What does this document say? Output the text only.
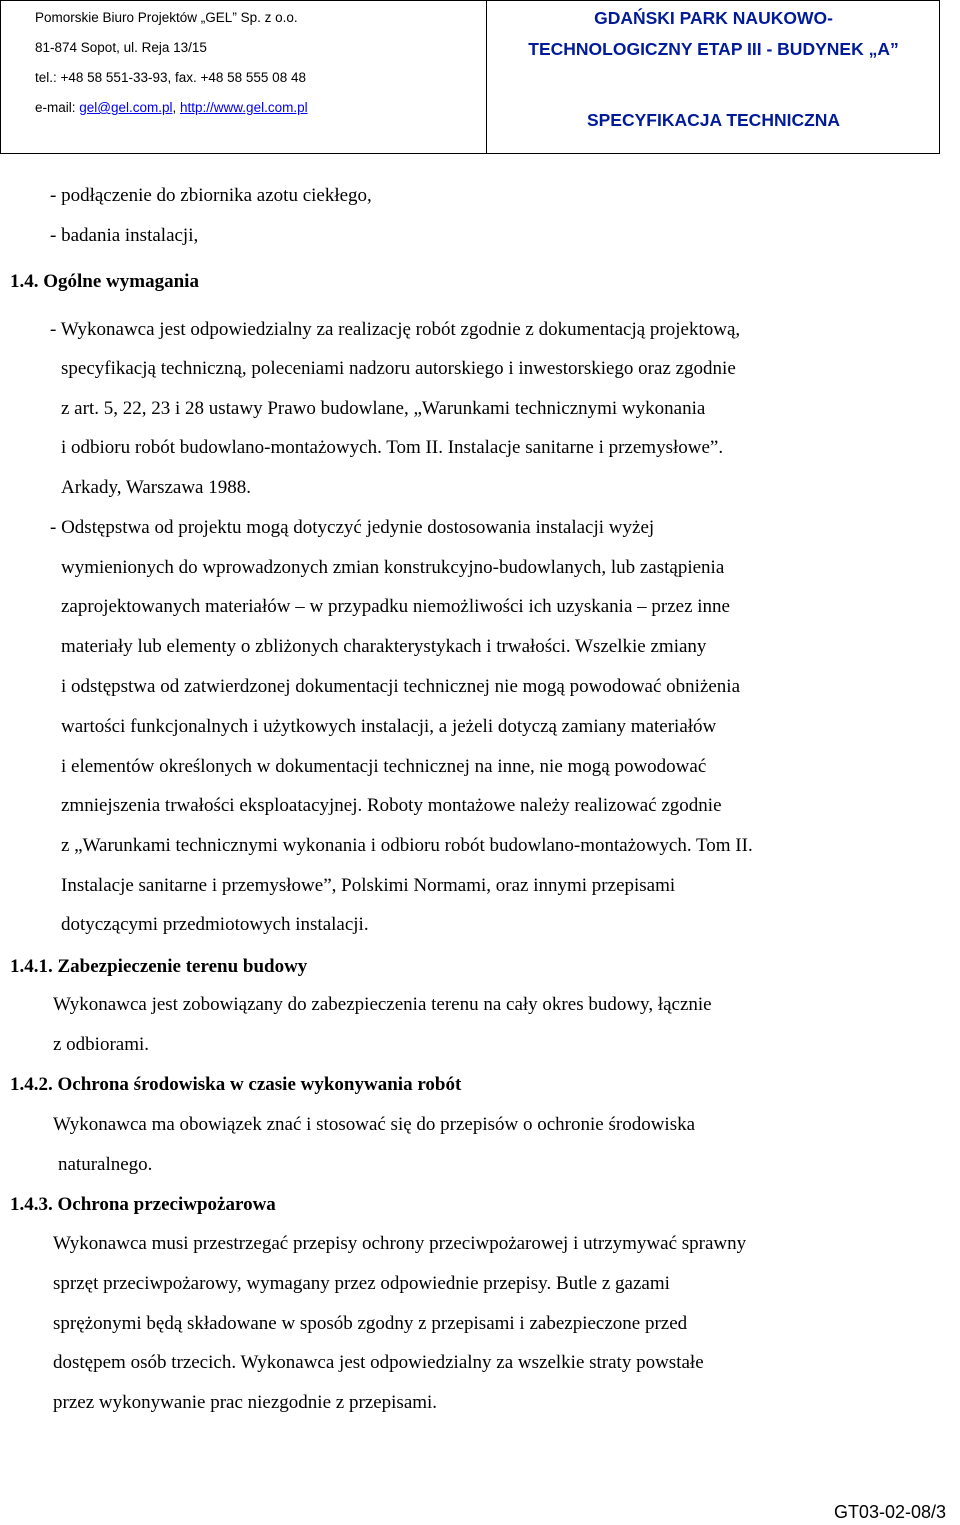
Pomorskie Biuro Projektów „GEL” Sp. z o.o.
81-874 Sopot, ul. Reja 13/15
tel.: +48 58 551-33-93, fax. +48 58 555 08 48
e-mail: gel@gel.com.pl, http://www.gel.com.pl
GDAŃSKI PARK NAUKOWO-
TECHNOLOGICZNY ETAP III - BUDYNEK „A”
SPECYFIKACJA TECHNICZNA
- podłączenie do zbiornika azotu ciekłego,
- badania instalacji,
1.4. Ogólne wymagania
- Wykonawca jest odpowiedzialny za realizację robót zgodnie z dokumentacją projektową,
specyfikacją techniczną, poleceniami nadzoru autorskiego i inwestorskiego oraz zgodnie
z art. 5, 22, 23 i 28 ustawy Prawo budowlane, „Warunkami technicznymi wykonania
i odbioru robót budowlano-montażowych. Tom II. Instalacje sanitarne i przemysłowe”.
Arkady, Warszawa 1988.
- Odstępstwa od projektu mogą dotyczyć jedynie dostosowania instalacji wyżej
wymienionych do wprowadzonych zmian konstrukcyjno-budowlanych, lub zastąpienia
zaprojektowanych materiałów – w przypadku niemożliwości ich uzyskania – przez inne
materiały lub elementy o zbliżonych charakterystykach i trwałości. Wszelkie zmiany
i odstępstwa od zatwierdzonej dokumentacji technicznej nie mogą powodować obniżenia
wartości funkcjonalnych i użytkowych instalacji, a jeżeli dotyczą zamiany materiałów
i elementów określonych w dokumentacji technicznej na inne, nie mogą powodować
zmniejszenia trwałości eksploatacyjnej. Roboty montażowe należy realizować zgodnie
z „Warunkami technicznymi wykonania i odbioru robót budowlano-montażowych. Tom II.
Instalacje sanitarne i przemysłowe”, Polskimi Normami, oraz innymi przepisami
dotyczącymi przedmiotowych instalacji.
1.4.1. Zabezpieczenie terenu budowy
Wykonawca jest zobowiązany do zabezpieczenia terenu na cały okres budowy, łącznie
z odbiorami.
1.4.2. Ochrona środowiska w czasie wykonywania robót
Wykonawca ma obowiązek znać i stosować się do przepisów o ochronie środowiska
naturalnego.
1.4.3. Ochrona przeciwpożarowa
Wykonawca musi przestrzegać przepisy ochrony przeciwpożarowej i utrzymywać sprawny
sprzęt przeciwpożarowy, wymagany przez odpowiednie przepisy. Butle z gazami
sprężonymi będą składowane w sposób zgodny z przepisami i zabezpieczone przed
dostępem osób trzecich. Wykonawca jest odpowiedzialny za wszelkie straty powstałe
przez wykonywanie prac niezgodnie z przepisami.
GT03-02-08/3
